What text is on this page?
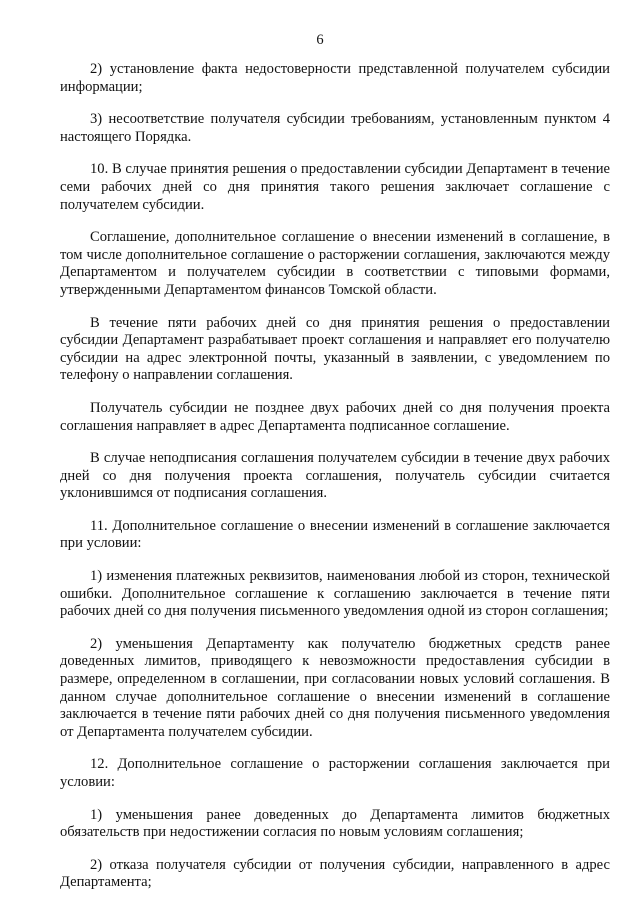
6

2) установление факта недостоверности представленной получателем субсидии информации;

3) несоответствие получателя субсидии требованиям, установленным пунктом 4 настоящего Порядка.

10. В случае принятия решения о предоставлении субсидии Департамент в течение семи рабочих дней со дня принятия такого решения заключает соглашение с получателем субсидии.

Соглашение, дополнительное соглашение о внесении изменений в соглашение, в том числе дополнительное соглашение о расторжении соглашения, заключаются между Департаментом и получателем субсидии в соответствии с типовыми формами, утвержденными Департаментом финансов Томской области.

В течение пяти рабочих дней со дня принятия решения о предоставлении субсидии Департамент разрабатывает проект соглашения и направляет его получателю субсидии на адрес электронной почты, указанный в заявлении, с уведомлением по телефону о направлении соглашения.

Получатель субсидии не позднее двух рабочих дней со дня получения проекта соглашения направляет в адрес Департамента подписанное соглашение.

В случае неподписания соглашения получателем субсидии в течение двух рабочих дней со дня получения проекта соглашения, получатель субсидии считается уклонившимся от подписания соглашения.

11. Дополнительное соглашение о внесении изменений в соглашение заключается при условии:

1) изменения платежных реквизитов, наименования любой из сторон, технической ошибки. Дополнительное соглашение к соглашению заключается в течение пяти рабочих дней со дня получения письменного уведомления одной из сторон соглашения;

2) уменьшения Департаменту как получателю бюджетных средств ранее доведенных лимитов, приводящего к невозможности предоставления субсидии в размере, определенном в соглашении, при согласовании новых условий соглашения. В данном случае дополнительное соглашение о внесении изменений в соглашение заключается в течение пяти рабочих дней со дня получения письменного уведомления от Департамента получателем субсидии.

12. Дополнительное соглашение о расторжении соглашения заключается при условии:

1) уменьшения ранее доведенных до Департамента лимитов бюджетных обязательств при недостижении согласия по новым условиям соглашения;

2) отказа получателя субсидии от получения субсидии, направленного в адрес Департамента;
